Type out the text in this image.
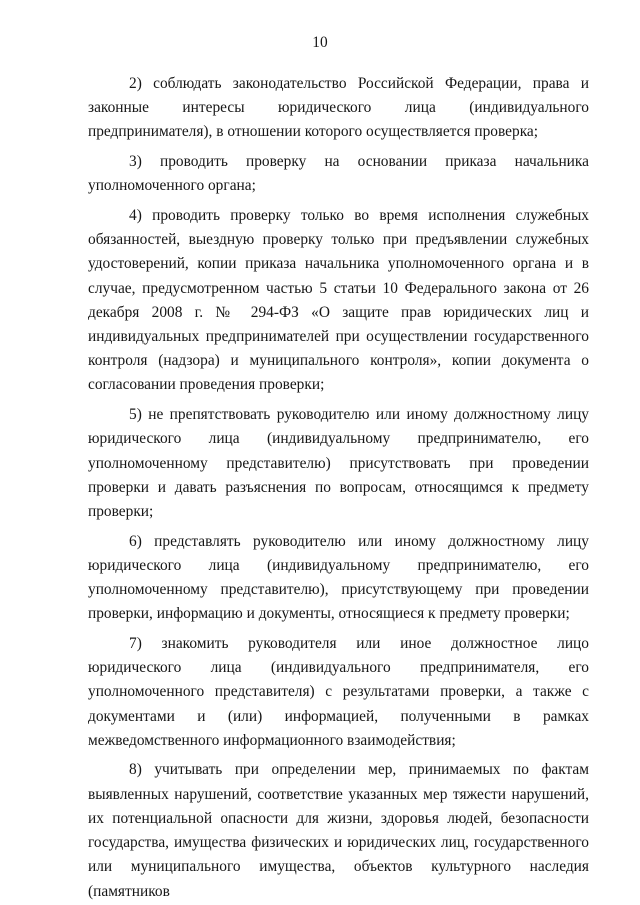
10

2) соблюдать законодательство Российской Федерации, права и законные интересы юридического лица (индивидуального предпринимателя), в отношении которого осуществляется проверка;

3) проводить проверку на основании приказа начальника уполномоченного органа;

4) проводить проверку только во время исполнения служебных обязанностей, выездную проверку только при предъявлении служебных удостоверений, копии приказа начальника уполномоченного органа и в случае, предусмотренном частью 5 статьи 10 Федерального закона от 26 декабря 2008 г. № 294-ФЗ «О защите прав юридических лиц и индивидуальных предпринимателей при осуществлении государственного контроля (надзора) и муниципального контроля», копии документа о согласовании проведения проверки;

5) не препятствовать руководителю или иному должностному лицу юридического лица (индивидуальному предпринимателю, его уполномоченному представителю) присутствовать при проведении проверки и давать разъяснения по вопросам, относящимся к предмету проверки;

6) представлять руководителю или иному должностному лицу юридического лица (индивидуальному предпринимателю, его уполномоченному представителю), присутствующему при проведении проверки, информацию и документы, относящиеся к предмету проверки;

7) знакомить руководителя или иное должностное лицо юридического лица (индивидуального предпринимателя, его уполномоченного представителя) с результатами проверки, а также с документами и (или) информацией, полученными в рамках межведомственного информационного взаимодействия;

8) учитывать при определении мер, принимаемых по фактам выявленных нарушений, соответствие указанных мер тяжести нарушений, их потенциальной опасности для жизни, здоровья людей, безопасности государства, имущества физических и юридических лиц, государственного или муниципального имущества, объектов культурного наследия (памятников
